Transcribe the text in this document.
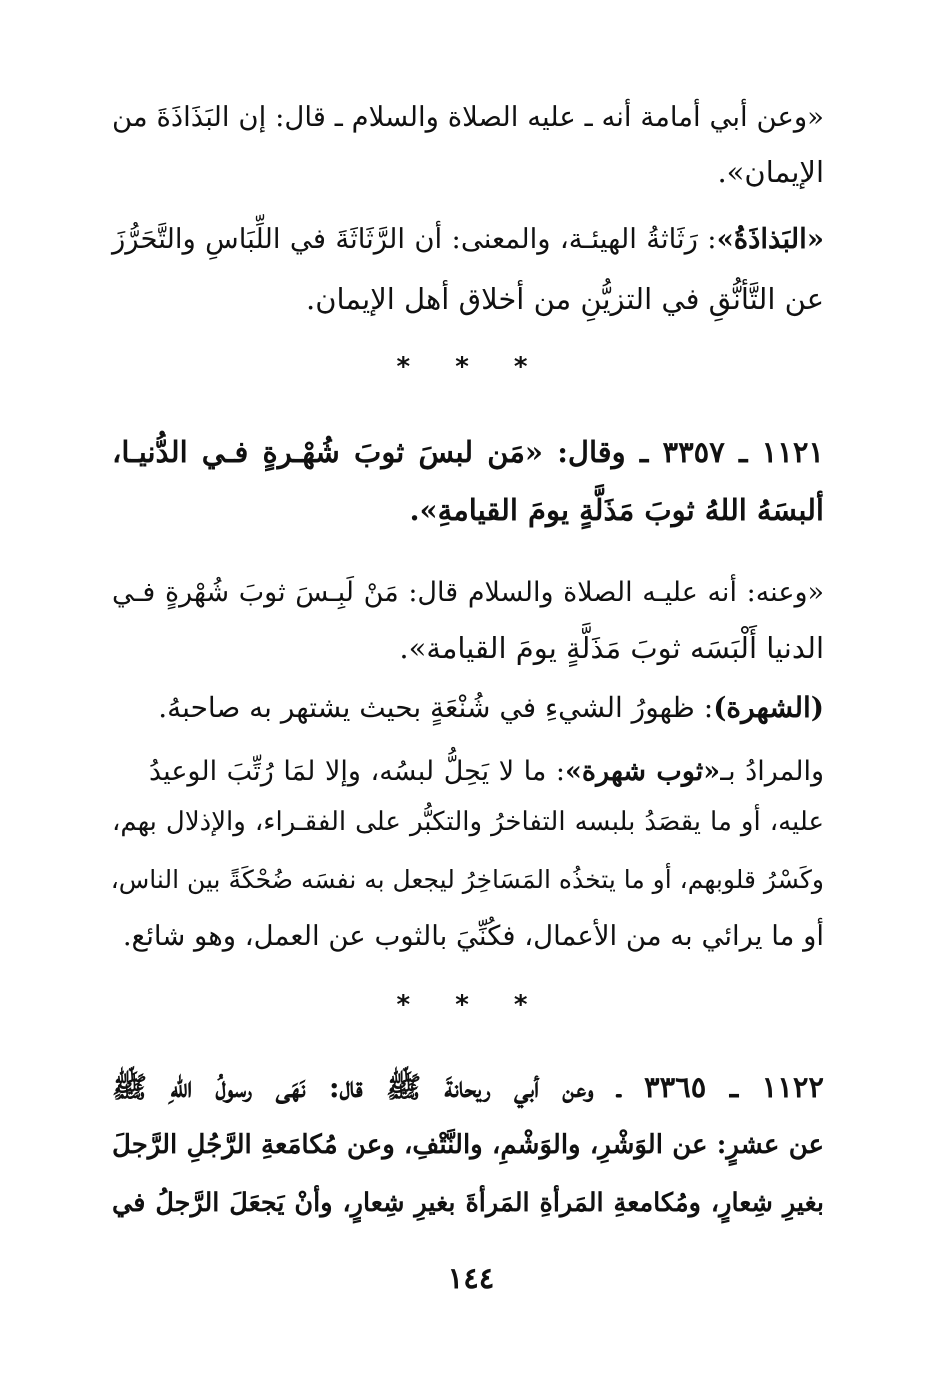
«وعن أبي أمامة أنه ـ عليه الصلاة والسلام ـ قال: إن البَذَاذَةَ من
الإيمان».
«البَذاذَةُ»: رَثَاثةُ الهيئـة، والمعنى: أن الرَّثَاثَةَ في اللِّبَاسِ والتَّحَرُّزَ
عن التَّأنُّقِ في التزيُّنِ من أخلاق أهل الإيمان.
* * *
١١٢١ ـ ٣٣٥٧ ـ وقال: «مَن لبسَ ثوبَ شُهْـرةٍ فـي الدُّنيـا،
ألبسَهُ اللهُ ثوبَ مَذَلَّةٍ يومَ القيامةِ».
«وعنه: أنه عليـه الصلاة والسلام قال: مَنْ لَبِـسَ ثوبَ شُهْرةٍ فـي
الدنيا أَلْبَسَه ثوبَ مَذَلَّةٍ يومَ القيامة».
(الشهرة): ظهورُ الشيءِ في شُنْعَةٍ بحيث يشتهر به صاحبهُ.
والمرادُ بـ«ثوب شهرة»: ما لا يَحِلُّ لبسُه، وإلا لمَا رُتِّبَ الوعيدُ
عليه، أو ما يقصَدُ بلبسه التفاخرُ والتكبُّر على الفقـراء، والإذلال بهم،
وكَسْرُ قلوبهم، أو ما يتخذُه المَسَاخِرُ ليجعل به نفسَه ضُحْكَةً بين الناس،
أو ما يرائي به من الأعمال، فكُنِّيَ بالثوب عن العمل، وهو شائع.
* * *
١١٢٢ ـ ٣٣٦٥ ـ وعن أبي ريحانةَ ﷺ قال: نَهَى رسولُ اللهِ ﷺ
عن عشرٍ: عن الوَشْرِ، والوَشْمِ، والنَّتْفِ، وعن مُكامَعةِ الرَّجُلِ الرَّجلَ
بغيرِ شِعارٍ، ومُكامعةِ المَرأةِ المَرأةَ بغيرِ شِعارٍ، وأنْ يَجعَلَ الرَّجلُ في
١٤٤
